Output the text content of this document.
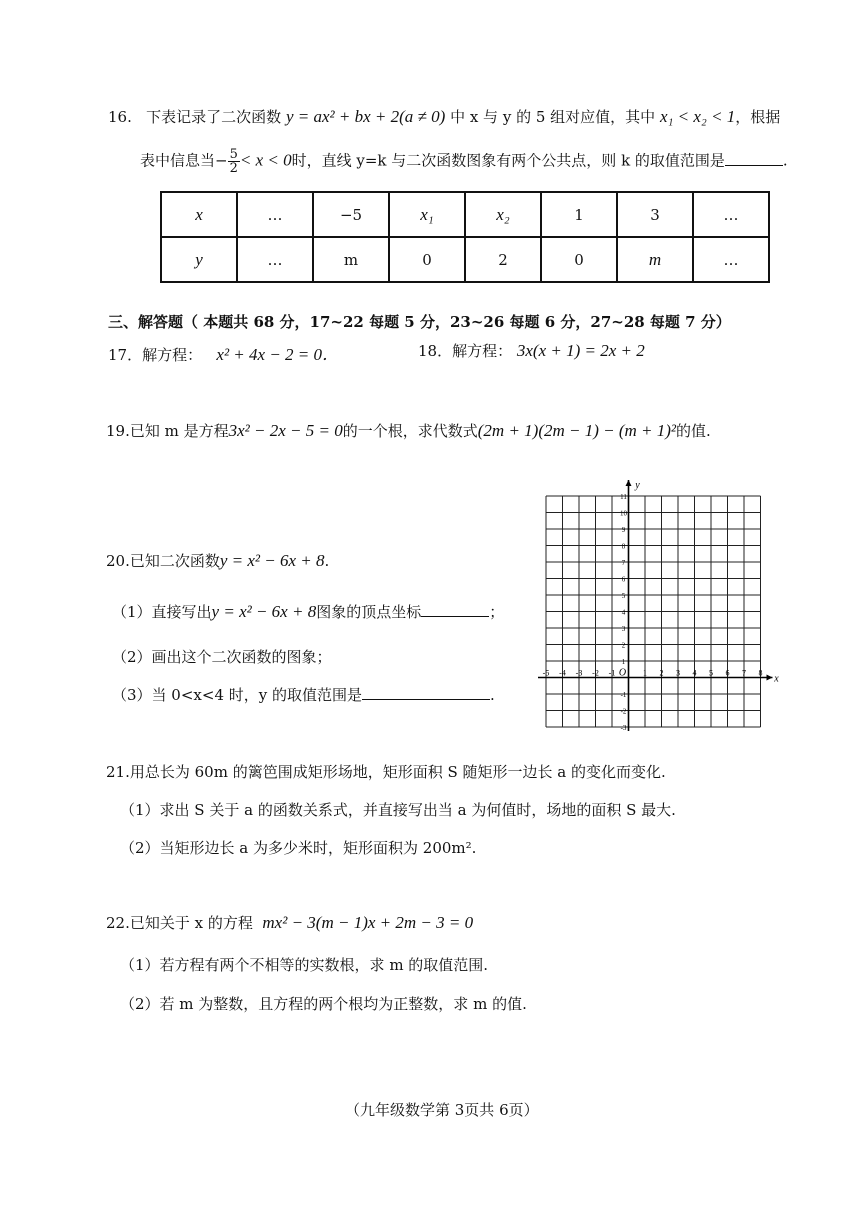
16. 下表记录了二次函数 y = ax² + bx + 2(a ≠ 0) 中 x 与 y 的 5 组对应值，其中 x₁ < x₂ < 1，根据
表中信息当− $\frac{5}{2} < x < 0$时，直线 y=k 与二次函数图象有两个公共点，则 k 的取值范围是	.
x	…	−5	x₁	x₂	1	3	…
y	…	m	0	2	0	m	…
三、解答题（ 本题共 68 分，17~22 每题 5 分，23~26 每题 6 分，27~28 每题 7 分）
17．解方程： x² + 4x − 2 = 0．	18．解方程： 3x(x + 1) = 2x + 2
19.已知 m 是方程3x² − 2x − 5 = 0的一个根，求代数式(2m + 1)(2m − 1) − (m + 1)²的值.
20.已知二次函数y = x² − 6x + 8.
（1）直接写出y = x² − 6x + 8图象的顶点坐标	；
（2）画出这个二次函数的图象；
（3）当 0<x<4 时，y 的取值范围是	.
x
y
O
-5 -4 -3 -2 -1	1 2 3 4 5 6 7 8
11
10
9
8
7
6
5
4
3
2
1
-1
-2
-3
21.用总长为 60m 的篱笆围成矩形场地，矩形面积 S 随矩形一边长 a 的变化而变化.
（1）求出 S 关于 a 的函数关系式，并直接写出当 a 为何值时，场地的面积 S 最大.
（2）当矩形边长 a 为多少米时，矩形面积为 200m².
22.已知关于 x 的方程 mx² − 3(m − 1)x + 2m − 3 = 0
（1）若方程有两个不相等的实数根，求 m 的取值范围.
（2）若 m 为整数，且方程的两个根均为正整数，求 m 的值.
（九年级数学第 3页共 6页）
